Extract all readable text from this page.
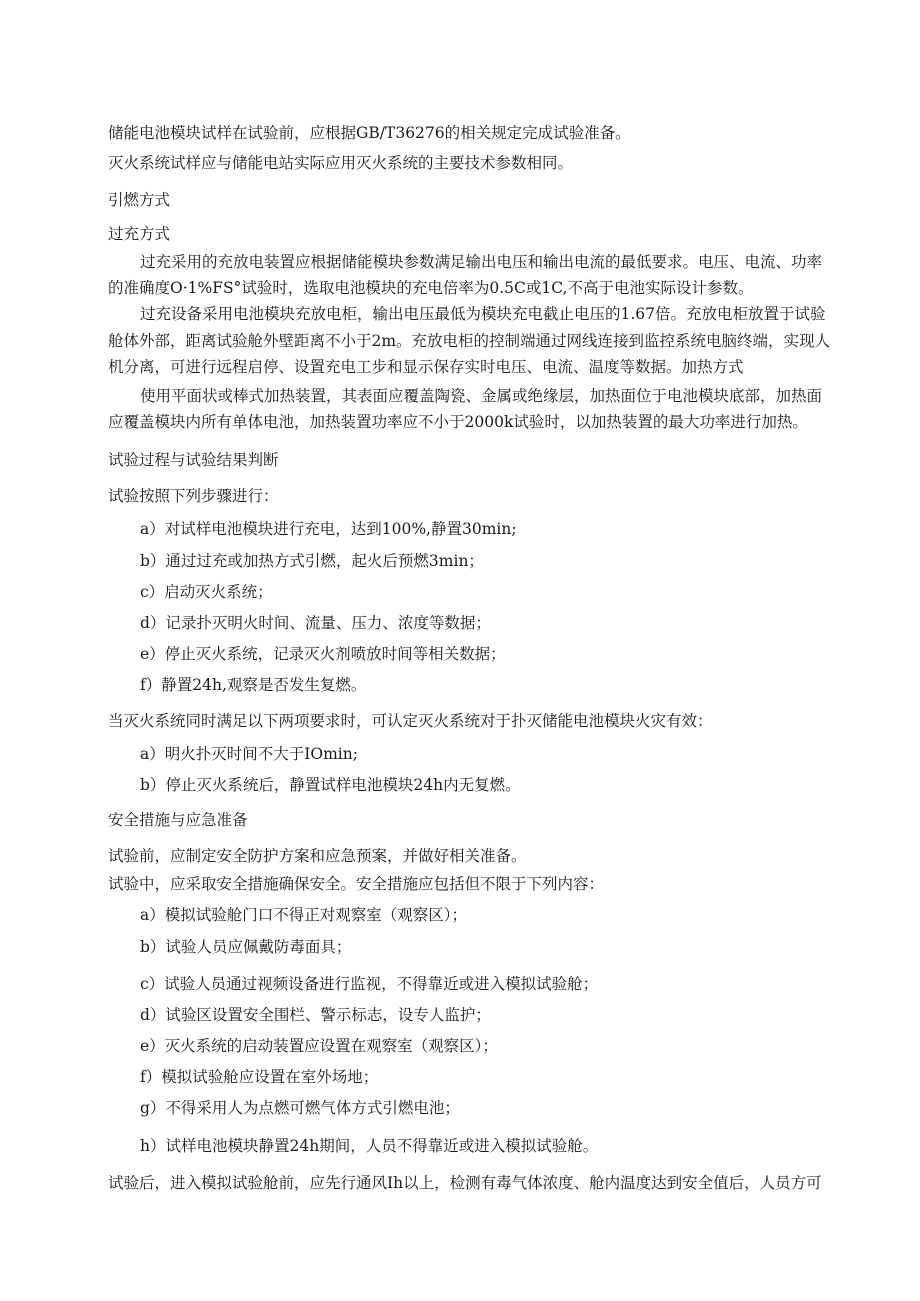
储能电池模块试样在试验前，应根据GB/T36276的相关规定完成试验准备。

灭火系统试样应与储能电站实际应用灭火系统的主要技术参数相同。

引燃方式

过充方式

过充采用的充放电装置应根据储能模块参数满足输出电压和输出电流的最低要求。电压、电流、功率

的准确度O·1%FS°试验时，选取电池模块的充电倍率为0.5C或1C,不高于电池实际设计参数。

过充设备采用电池模块充放电柜，输出电压最低为模块充电截止电压的1.67倍。充放电柜放置于试验

舱体外部，距离试验舱外壁距离不小于2m。充放电柜的控制端通过网线连接到监控系统电脑终端，实现人

机分离，可进行远程启停、设置充电工步和显示保存实时电压、电流、温度等数据。加热方式

使用平面状或棒式加热装置，其表面应覆盖陶瓷、金属或绝缘层，加热面位于电池模块底部，加热面

应覆盖模块内所有单体电池，加热装置功率应不小于2000k试验时，以加热装置的最大功率进行加热。

试验过程与试验结果判断

试验按照下列步骤进行：

a）对试样电池模块进行充电，达到100%,静置30min;

b）通过过充或加热方式引燃，起火后预燃3min；

c）启动灭火系统；

d）记录扑灭明火时间、流量、压力、浓度等数据；

e）停止灭火系统，记录灭火剂喷放时间等相关数据；

f）静置24h,观察是否发生复燃。

当灭火系统同时满足以下两项要求时，可认定灭火系统对于扑灭储能电池模块火灾有效：

a）明火扑灭时间不大于IOmin;

b）停止灭火系统后，静置试样电池模块24h内无复燃。

安全措施与应急准备

试验前，应制定安全防护方案和应急预案，并做好相关准备。

试验中，应采取安全措施确保安全。安全措施应包括但不限于下列内容：

a）模拟试验舱门口不得正对观察室（观察区）；

b）试验人员应佩戴防毒面具；

c）试验人员通过视频设备进行监视，不得靠近或进入模拟试验舱；

d）试验区设置安全围栏、警示标志，设专人监护；

e）灭火系统的启动装置应设置在观察室（观察区）；

f）模拟试验舱应设置在室外场地；

g）不得采用人为点燃可燃气体方式引燃电池；

h）试样电池模块静置24h期间，人员不得靠近或进入模拟试验舱。

试验后，进入模拟试验舱前，应先行通风Ih以上，检测有毒气体浓度、舱内温度达到安全值后，人员方可
